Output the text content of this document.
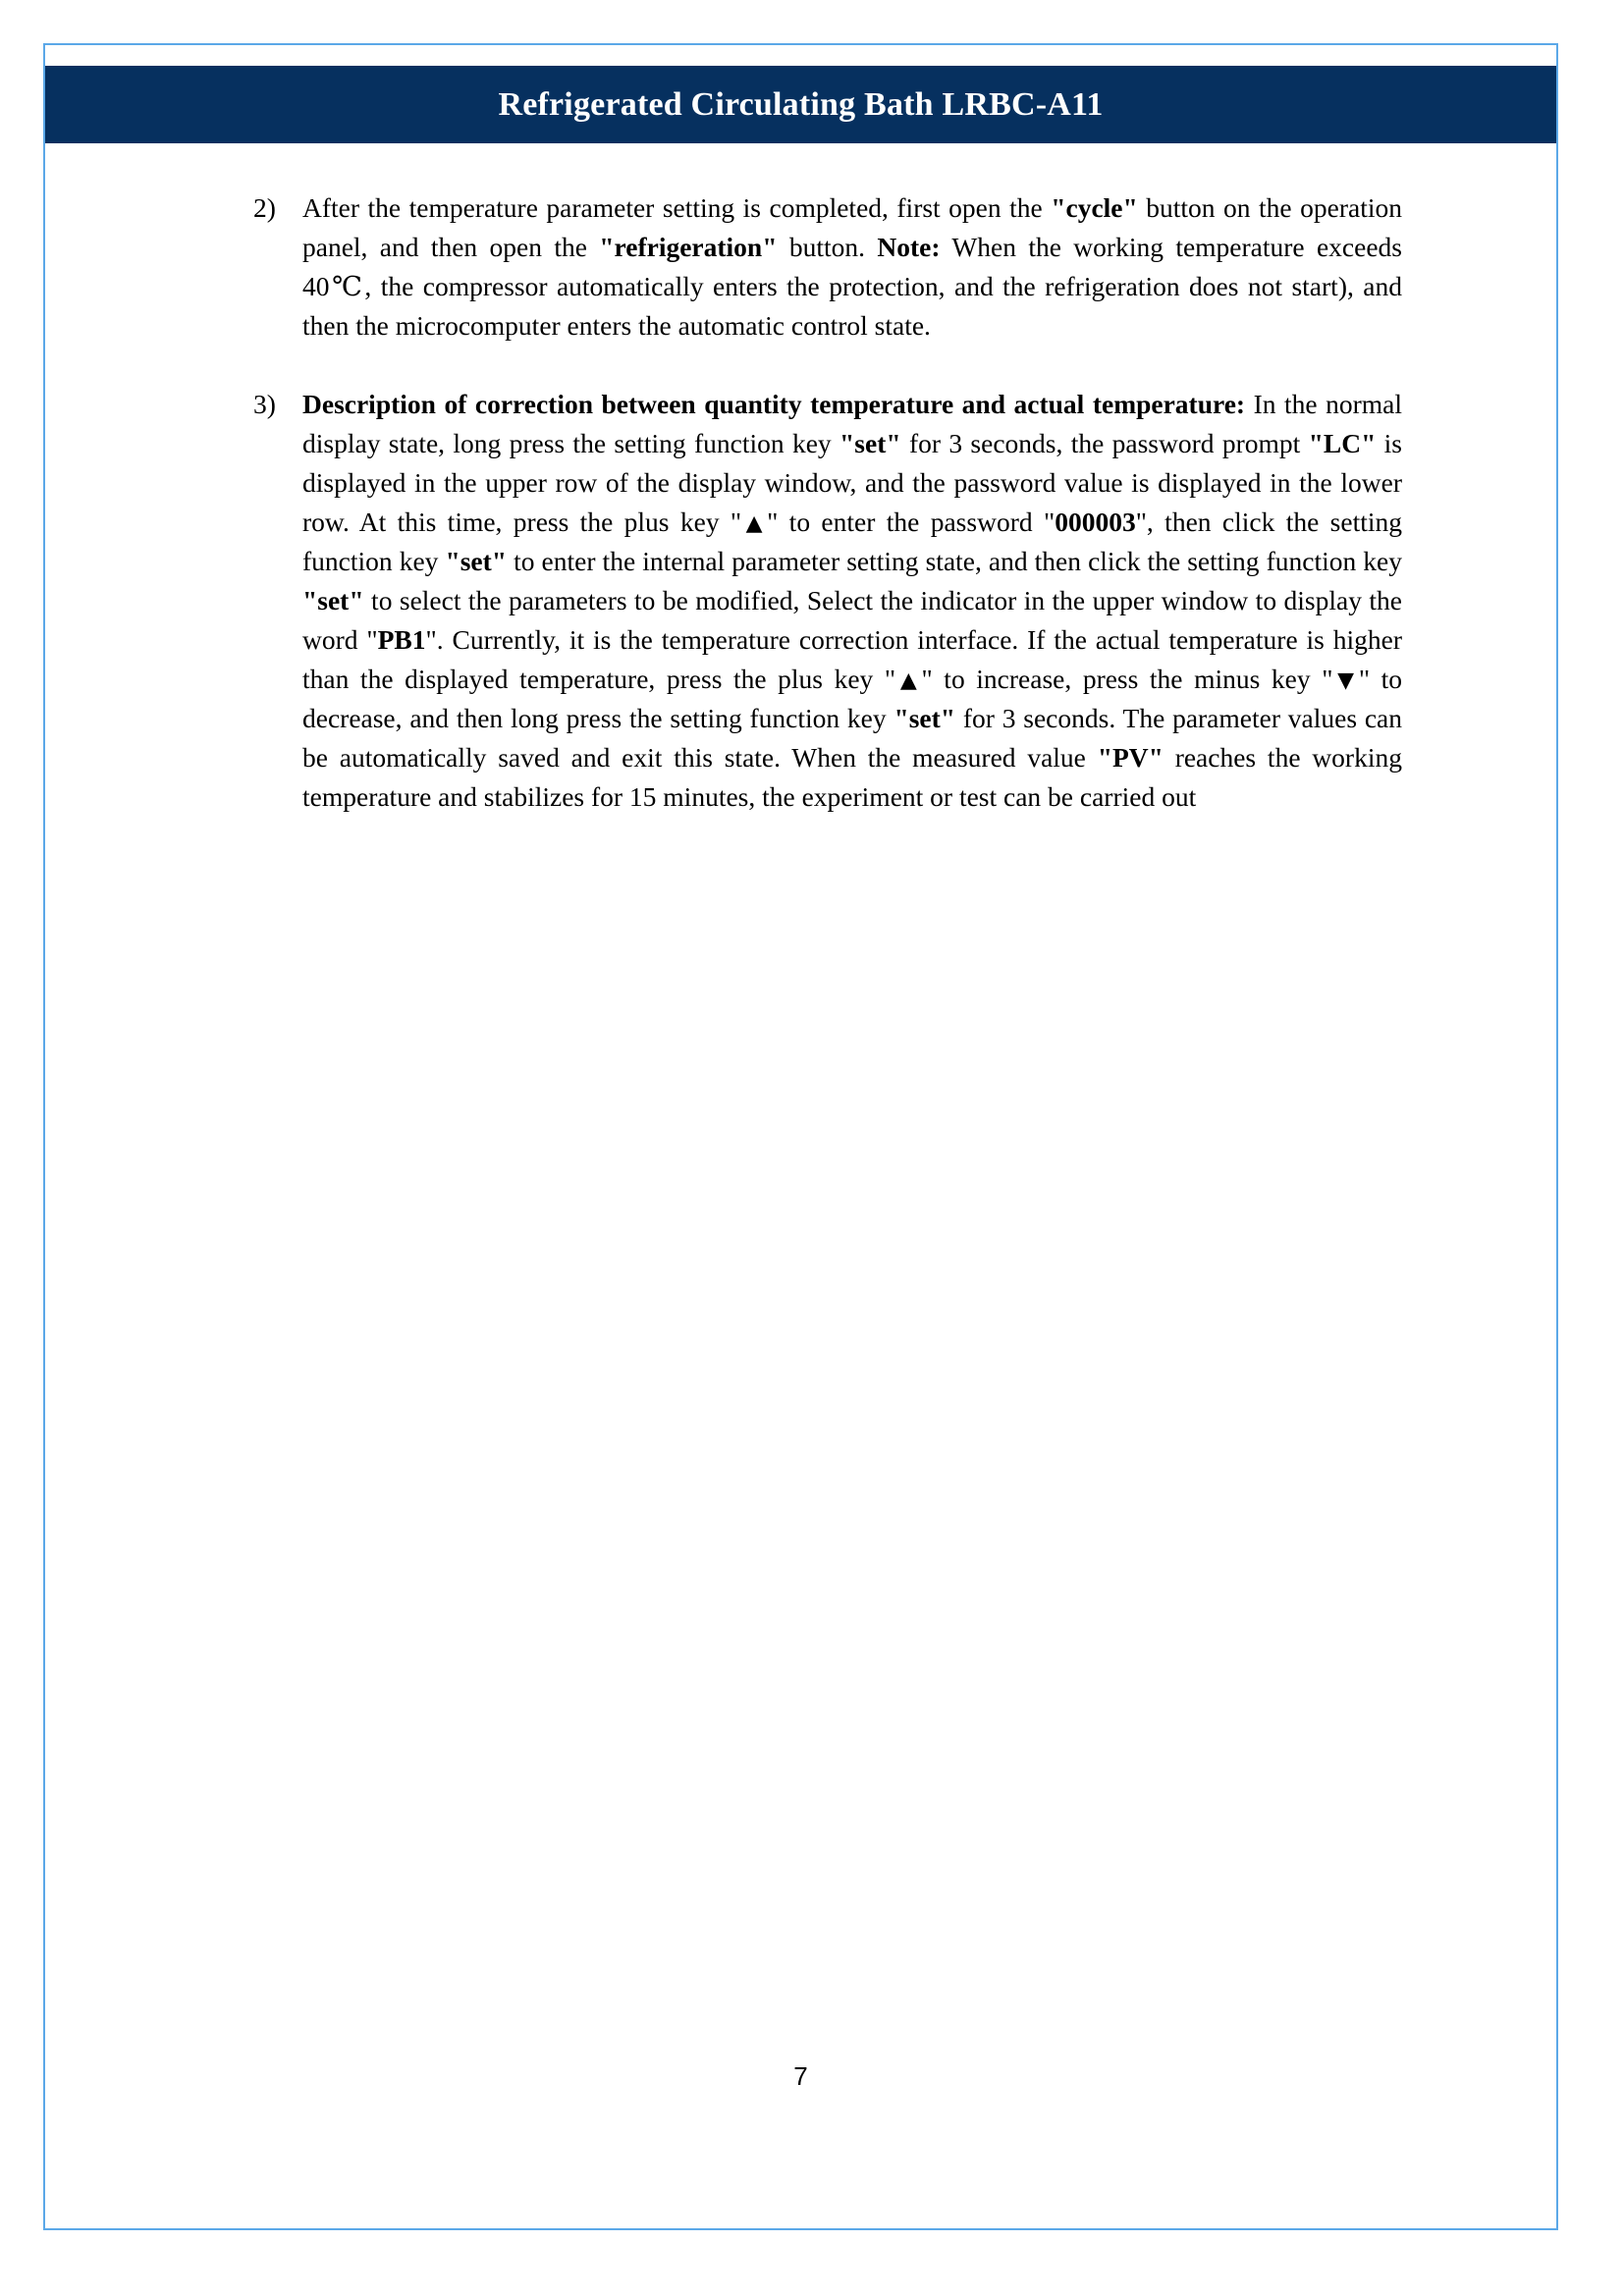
Refrigerated Circulating Bath LRBC-A11
2) After the temperature parameter setting is completed, first open the "cycle" button on the operation panel, and then open the "refrigeration" button. Note: When the working temperature exceeds 40℃, the compressor automatically enters the protection, and the refrigeration does not start), and then the microcomputer enters the automatic control state.

3) Description of correction between quantity temperature and actual temperature: In the normal display state, long press the setting function key "set" for 3 seconds, the password prompt "LC" is displayed in the upper row of the display window, and the password value is displayed in the lower row. At this time, press the plus key "▲" to enter the password "000003", then click the setting function key "set" to enter the internal parameter setting state, and then click the setting function key "set" to select the parameters to be modified, Select the indicator in the upper window to display the word "PB1". Currently, it is the temperature correction interface. If the actual temperature is higher than the displayed temperature, press the plus key "▲" to increase, press the minus key "▼" to decrease, and then long press the setting function key "set" for 3 seconds. The parameter values can be automatically saved and exit this state. When the measured value "PV" reaches the working temperature and stabilizes for 15 minutes, the experiment or test can be carried out

7
